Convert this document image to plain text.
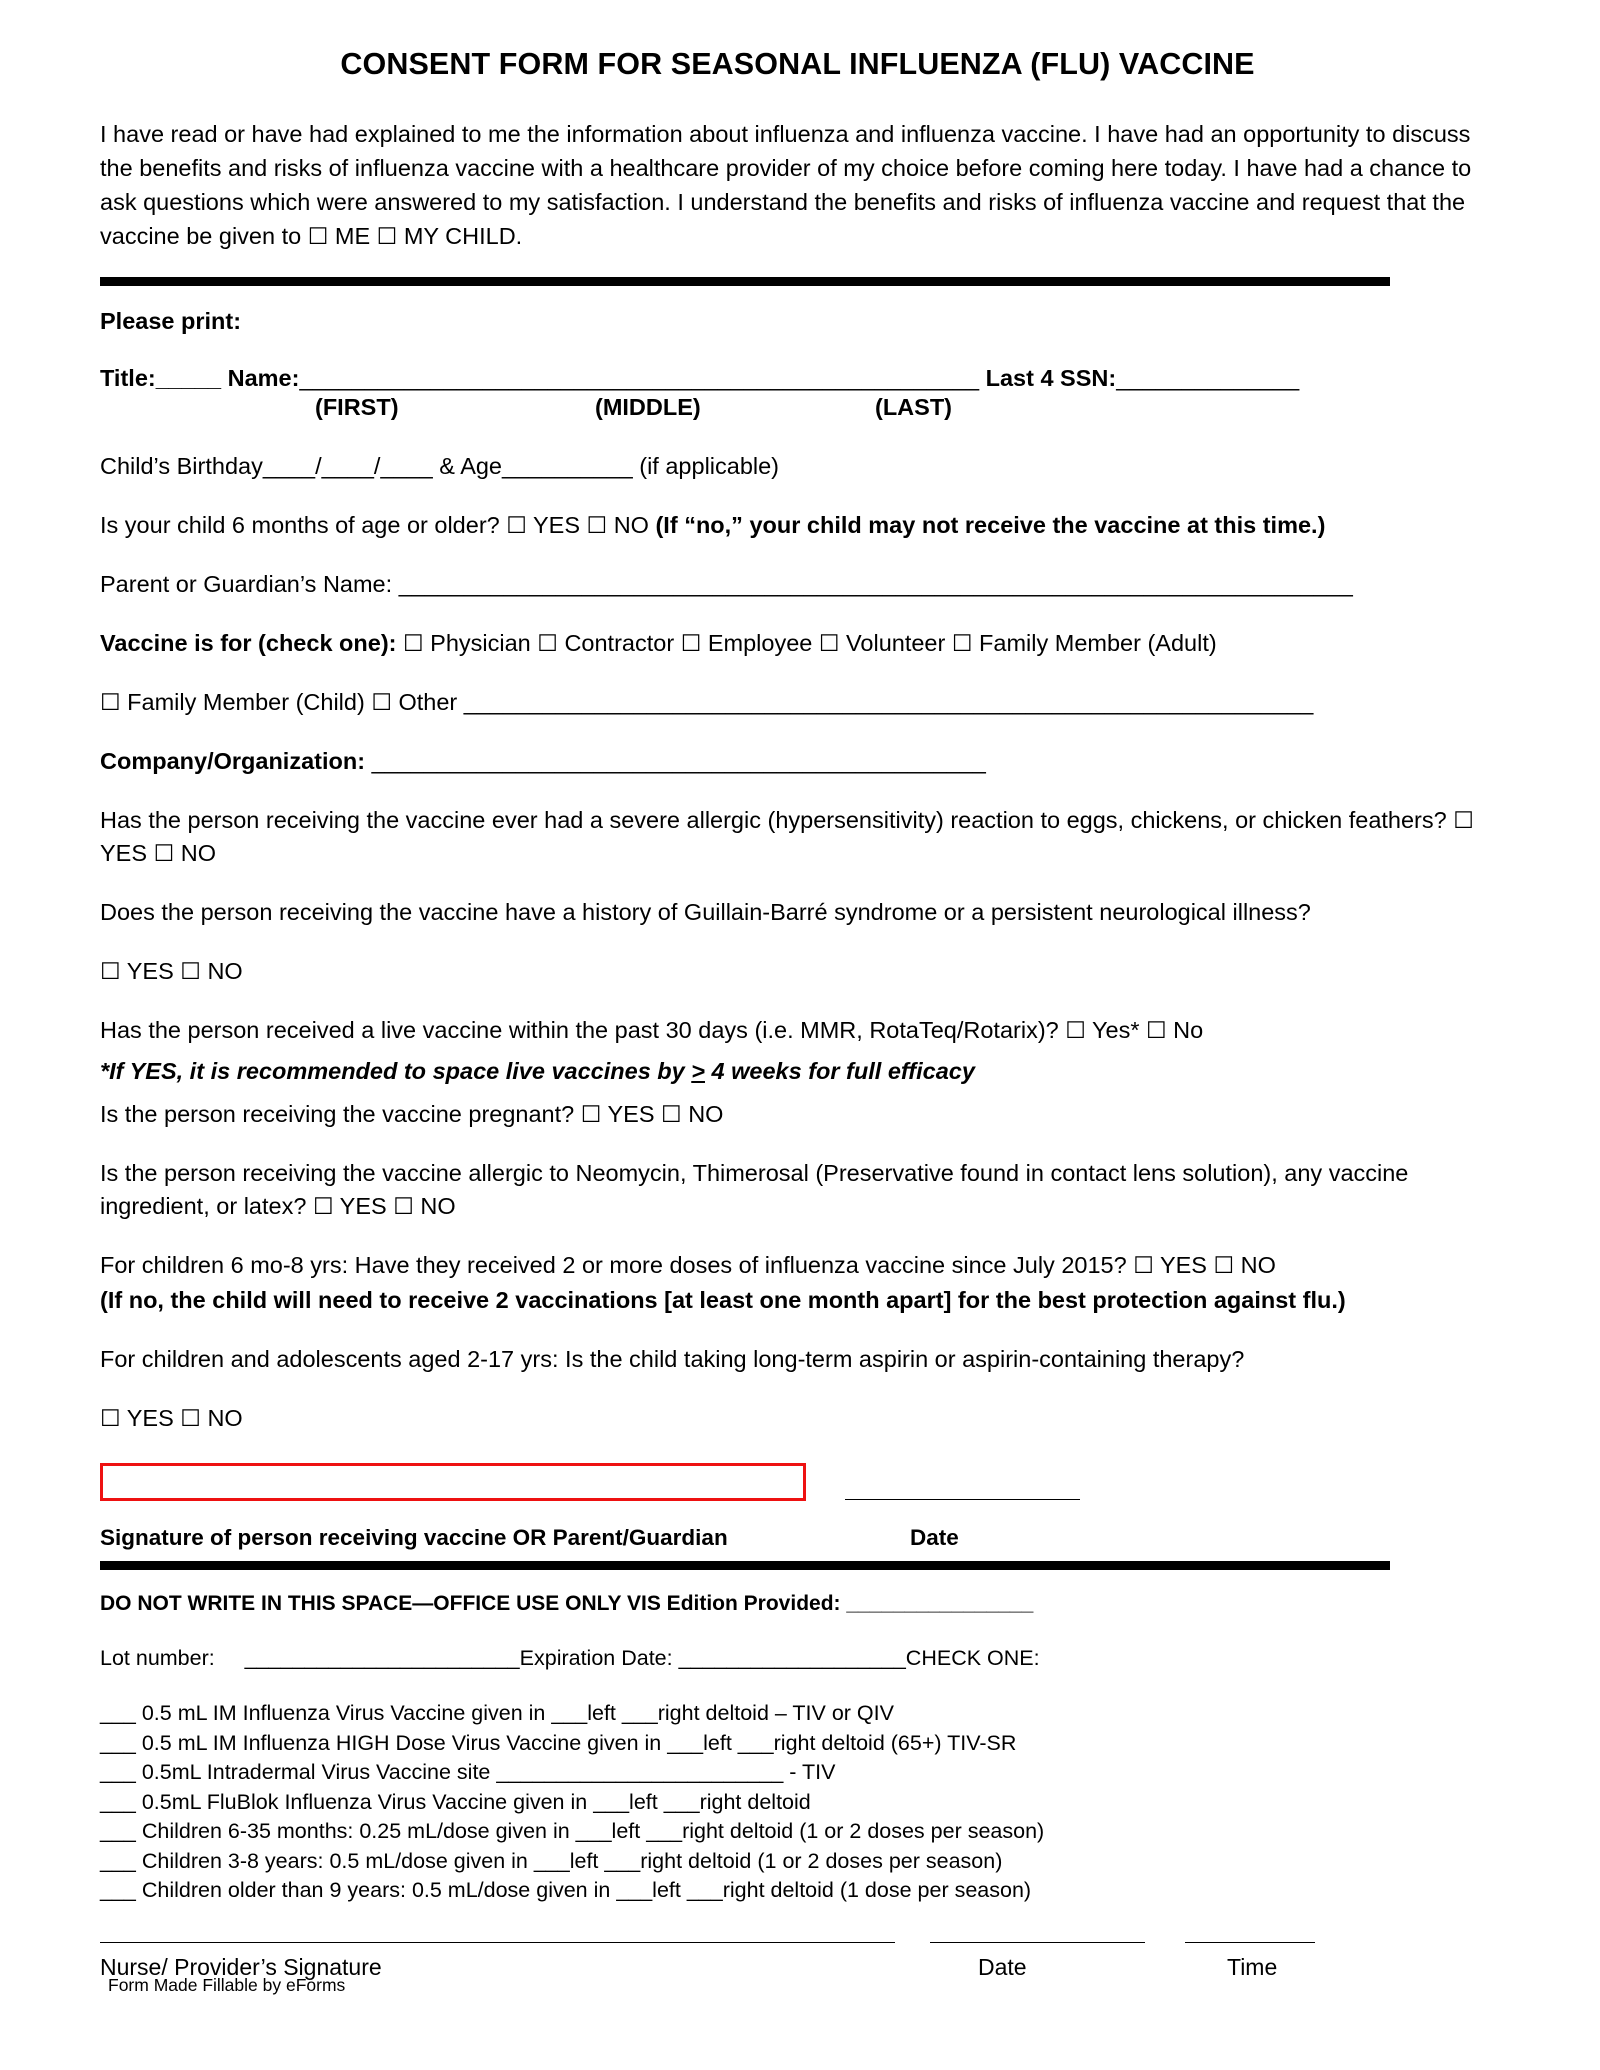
CONSENT FORM FOR SEASONAL INFLUENZA (FLU) VACCINE

I have read or have had explained to me the information about influenza and influenza vaccine. I have had an opportunity to discuss the benefits and risks of influenza vaccine with a healthcare provider of my choice before coming here today. I have had a chance to ask questions which were answered to my satisfaction. I understand the benefits and risks of influenza vaccine and request that the vaccine be given to ☐ ME ☐ MY CHILD.

Please print:
Title:_____ Name:____________________________________________________ Last 4 SSN:______________
(FIRST)	(MIDDLE)	(LAST)
Child’s Birthday____/____/____ & Age__________ (if applicable)
Is your child 6 months of age or older? ☐ YES ☐ NO (If “no,” your child may not receive the vaccine at this time.)
Parent or Guardian’s Name: _________________________________________________________________________
Vaccine is for (check one): ☐ Physician ☐ Contractor ☐ Employee ☐ Volunteer ☐ Family Member (Adult)
☐ Family Member (Child) ☐ Other _________________________________________________________________
Company/Organization: _______________________________________________
Has the person receiving the vaccine ever had a severe allergic (hypersensitivity) reaction to eggs, chickens, or chicken feathers? ☐ YES ☐ NO
Does the person receiving the vaccine have a history of Guillain-Barré syndrome or a persistent neurological illness?
☐ YES ☐ NO
Has the person received a live vaccine within the past 30 days (i.e. MMR, RotaTeq/Rotarix)? ☐ Yes* ☐ No
*If YES, it is recommended to space live vaccines by > 4 weeks for full efficacy
Is the person receiving the vaccine pregnant? ☐ YES ☐ NO
Is the person receiving the vaccine allergic to Neomycin, Thimerosal (Preservative found in contact lens solution), any vaccine ingredient, or latex? ☐ YES ☐ NO
For children 6 mo-8 yrs: Have they received 2 or more doses of influenza vaccine since July 2015? ☐ YES ☐ NO
(If no, the child will need to receive 2 vaccinations [at least one month apart] for the best protection against flu.)
For children and adolescents aged 2-17 yrs: Is the child taking long-term aspirin or aspirin-containing therapy?
☐ YES ☐ NO
Signature of person receiving vaccine OR Parent/Guardian	Date
DO NOT WRITE IN THIS SPACE—OFFICE USE ONLY VIS Edition Provided: ________________
Lot number: _______________________Expiration Date: ___________________CHECK ONE:
___ 0.5 mL IM Influenza Virus Vaccine given in ___left ___right deltoid – TIV or QIV
___ 0.5 mL IM Influenza HIGH Dose Virus Vaccine given in ___left ___right deltoid (65+) TIV-SR
___ 0.5mL Intradermal Virus Vaccine site ________________________ - TIV
___ 0.5mL FluBlok Influenza Virus Vaccine given in ___left ___right deltoid
___ Children 6-35 months: 0.25 mL/dose given in ___left ___right deltoid (1 or 2 doses per season)
___ Children 3-8 years: 0.5 mL/dose given in ___left ___right deltoid (1 or 2 doses per season)
___ Children older than 9 years: 0.5 mL/dose given in ___left ___right deltoid (1 dose per season)
Nurse/ Provider’s Signature	Date	Time
Form Made Fillable by eForms
